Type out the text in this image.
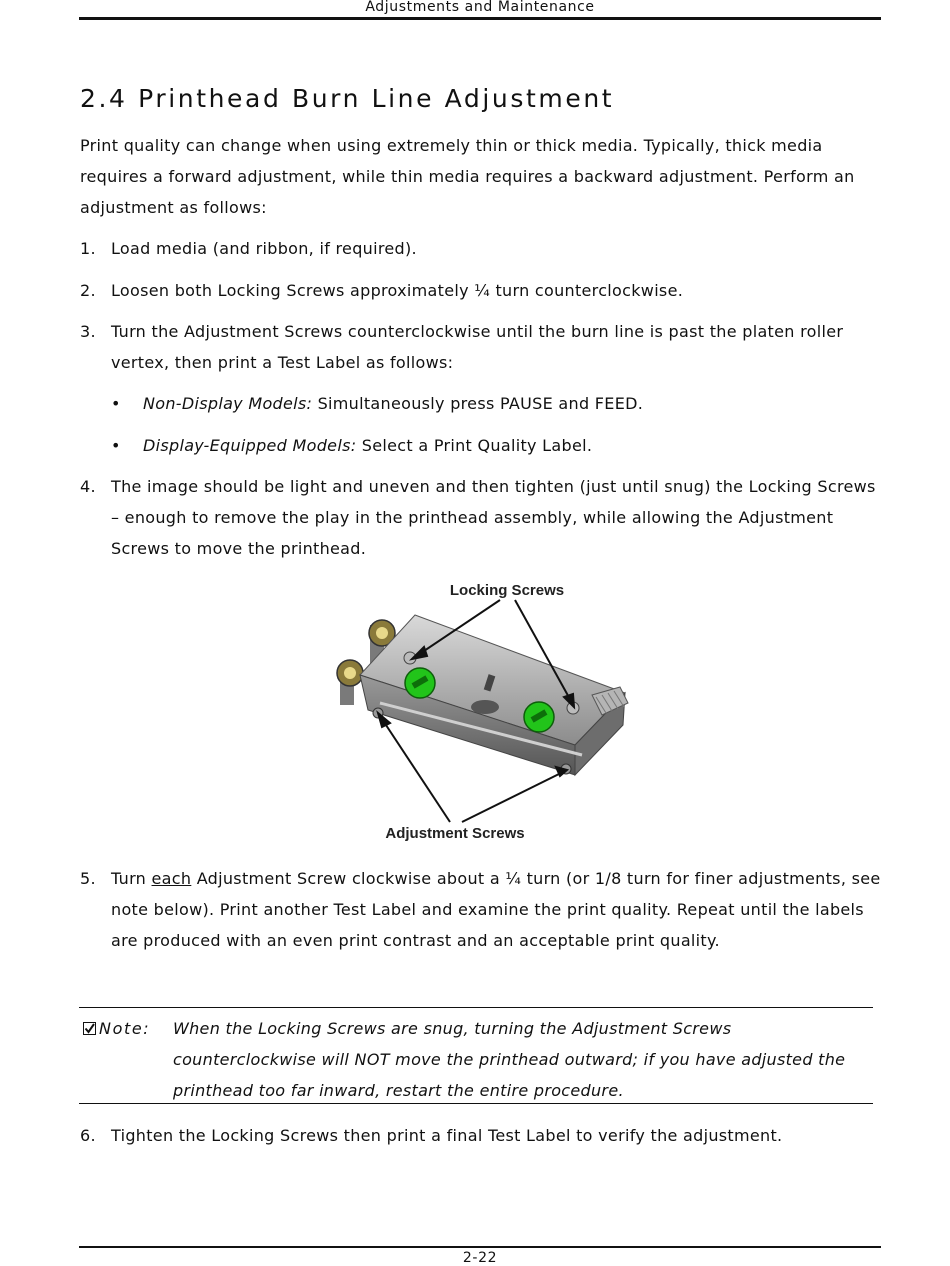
Adjustments and Maintenance
2.4 Printhead Burn Line Adjustment

Print quality can change when using extremely thin or thick media. Typically, thick media requires a forward adjustment, while thin media requires a backward adjustment. Perform an adjustment as follows:

1. Load media (and ribbon, if required).
2. Loosen both Locking Screws approximately ¼ turn counterclockwise.
3. Turn the Adjustment Screws counterclockwise until the burn line is past the platen roller vertex, then print a Test Label as follows:
• Non-Display Models: Simultaneously press PAUSE and FEED.
• Display-Equipped Models: Select a Print Quality Label.
4. The image should be light and uneven and then tighten (just until snug) the Locking Screws – enough to remove the play in the printhead assembly, while allowing the Adjustment Screws to move the printhead.
Locking Screws
Adjustment Screws
5. Turn each Adjustment Screw clockwise about a ¼ turn (or 1/8 turn for finer adjustments, see note below). Print another Test Label and examine the print quality. Repeat until the labels are produced with an even print contrast and an acceptable print quality.
Note: When the Locking Screws are snug, turning the Adjustment Screws counterclockwise will NOT move the printhead outward; if you have adjusted the printhead too far inward, restart the entire procedure.
6. Tighten the Locking Screws then print a final Test Label to verify the adjustment.
2-22
